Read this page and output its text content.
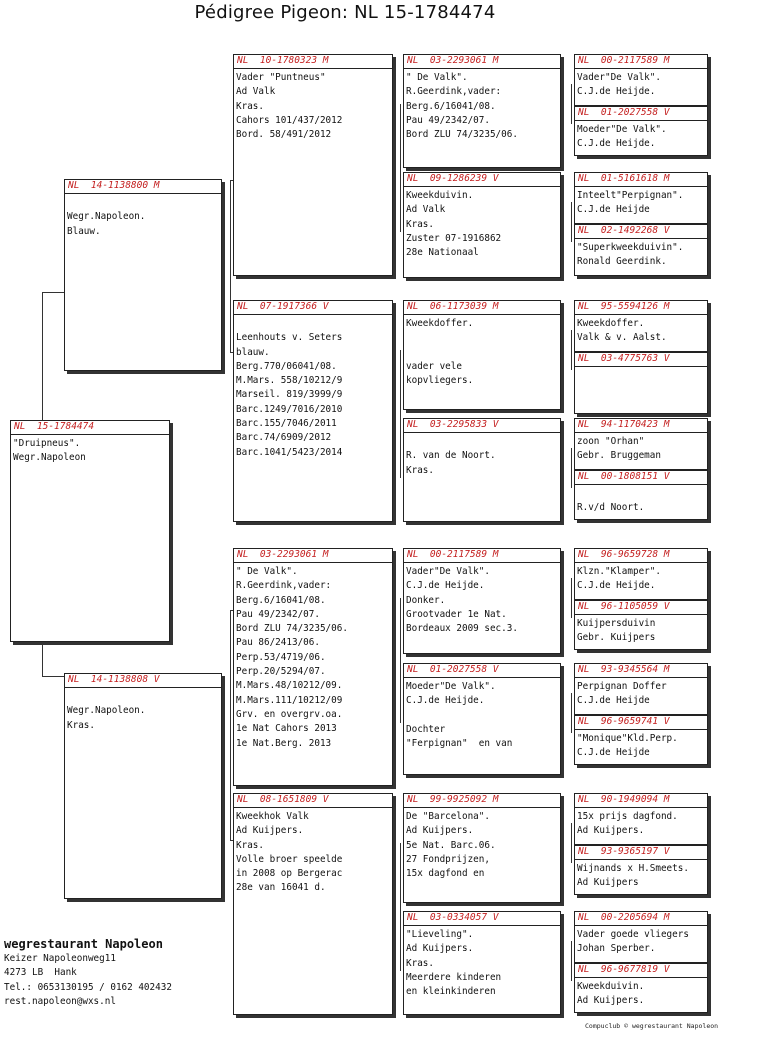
Pédigree Pigeon: NL 15-1784474
NL  00-2117589 M
Vader"De Valk".
C.J.de Heijde.
NL  01-2027558 V
Moeder"De Valk".
C.J.de Heijde.
NL  01-5161618 M
Inteelt"Perpignan".
C.J.de Heijde
NL  02-1492268 V
"Superkweekduivin".
Ronald Geerdink.
NL  95-5594126 M
Kweekdoffer.
Valk & v. Aalst.
NL  03-4775763 V
NL  94-1170423 M
zoon "Orhan"
Gebr. Bruggeman
NL  00-1808151 V
R.v/d Noort.
NL  96-9659728 M
Klzn."Klamper".
C.J.de Heijde.
NL  96-1105059 V
Kuijpersduivin
Gebr. Kuijpers
NL  93-9345564 M
Perpignan Doffer
C.J.de Heijde
NL  96-9659741 V
"Monique"Kld.Perp.
C.J.de Heijde
NL  90-1949094 M
15x prijs dagfond.
Ad Kuijpers.
NL  93-9365197 V
Wijnands x H.Smeets.
Ad Kuijpers
NL  00-2205694 M
Vader goede vliegers
Johan Sperber.
NL  96-9677819 V
Kweekduivin.
Ad Kuijpers.
NL  03-2293061 M
" De Valk".
R.Geerdink,vader:
Berg.6/16041/08.
Pau 49/2342/07.
Bord ZLU 74/3235/06.
NL  09-1286239 V
Kweekduivin.
Ad Valk
Kras.
Zuster 07-1916862
28e Nationaal
NL  06-1173039 M
Kweekdoffer.
vader vele
kopvliegers.
NL  03-2295833 V
R. van de Noort.
Kras.
NL  00-2117589 M
Vader"De Valk".
C.J.de Heijde.
Donker.
Grootvader 1e Nat.
Bordeaux 2009 sec.3.
NL  01-2027558 V
Moeder"De Valk".
C.J.de Heijde.
Dochter
"Ferpignan"  en van
NL  99-9925092 M
De "Barcelona".
Ad Kuijpers.
5e Nat. Barc.06.
27 Fondprijzen,
15x dagfond en
NL  03-0334057 V
"Lieveling".
Ad Kuijpers.
Kras.
Meerdere kinderen
en kleinkinderen
NL  10-1780323 M
Vader "Puntneus"
Ad Valk
Kras.
Cahors 101/437/2012
Bord. 58/491/2012
NL  07-1917366 V
Leenhouts v. Seters
blauw.
Berg.770/06041/08.
M.Mars. 558/10212/9
Marseil. 819/3999/9
Barc.1249/7016/2010
Barc.155/7046/2011
Barc.74/6909/2012
Barc.1041/5423/2014
NL  03-2293061 M
" De Valk".
R.Geerdink,vader:
Berg.6/16041/08.
Pau 49/2342/07.
Bord ZLU 74/3235/06.
Pau 86/2413/06.
Perp.53/4719/06.
Perp.20/5294/07.
M.Mars.48/10212/09.
M.Mars.111/10212/09
Grv. en overgrv.oa.
1e Nat Cahors 2013
1e Nat.Berg. 2013
NL  08-1651809 V
Kweekhok Valk
Ad Kuijpers.
Kras.
Volle broer speelde
in 2008 op Bergerac
28e van 16041 d.
NL  14-1138800 M
Wegr.Napoleon.
Blauw.
NL  14-1138808 V
Wegr.Napoleon.
Kras.
NL  15-1784474
"Druipneus".
Wegr.Napoleon
wegrestaurant Napoleon
Keizer Napoleonweg11
4273 LB  Hank
Tel.: 0653130195 / 0162 402432
rest.napoleon@wxs.nl
Compuclub © wegrestaurant Napoleon
